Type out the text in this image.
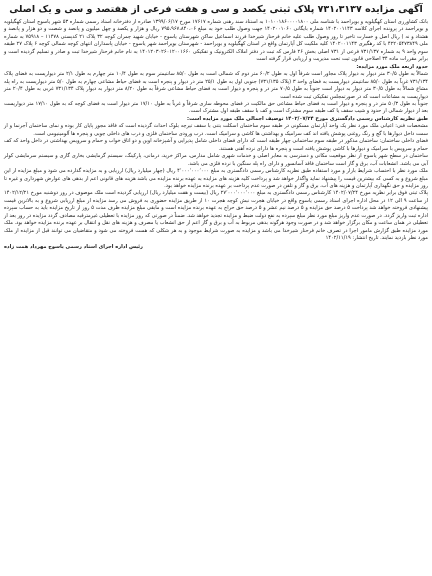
آگهی مزایده ۷۳۱،۳۱۳۷ پلاک ثبتی یکصد و سی و هفت فرعی از هفتصد و سی و یک اصلی

بانک کشاورزی استان کهگیلویه و بویراحمد با شناسه ملی ۱۰۱۰۰۱۸۶۰۰۰۰۱۸۰۰ به استناد سند رهنی شماره ۱۷۶۱۷ مورخ ۱۳۹۹/۰۶/۱۷ صادره از دفترخانه اسناد رسمی شماره ۵۳ شهر یاسوج استان کهگیلویه و بویراحمد در پرونده اجرای کلاسه ۱۴۰۲۰۰۱۱۴۳ شماره بایگانی ۱۴۰۲۰۰۱۰۶۰ جهت وصول طلب خود به مبلغ ۷۹۵،۹۶۷،۸۴۰،۰۶ ریال و هزار و یکصد و چهل میلیون و پانصد و شصت و دو هزار و پانصد و هشتاد و نه ) ریال اصل و خسارت تاخیر تا روز وصول طلب علیه خانم فرحناز شیرخدا فرزند اسماعیل ساکن شهرستان یاسوج - خیابان شهید چمران کوچه ۳۲ پلاک ۲۱ کدپستی ۱۱۴۷۸ – ۷۵۹۱۸ به شماره ملی ۴۲۲۰۵۴۷۳۸۴۹ با کد رهگیری ۱۴۰۲۰۰۱۱۴۳ کلیه ملکیت کل آپارتمان واقع در استان کهگیلویه و بویراحمد - شهرستان بویراحمد شهر یاسوج - خیابان پاسداران انتهای کوچه شمالی کوچه ۶ پلاک ۲۷ طبقه سوم واحد ۹ به شماره ۷۳۱/۱۳۷ فرعی از ۷۳۱ اصلی بخش ۲۶ فارس که ثبت در دفتر املاک الکترونیک و تفکیکی ۱۴۰۱۲۰۳۰۲۶۰۱۲۰۰۱۶۶۰ به نام خانم فرحناز شیرخدا ثبت و صادر و تسلیم گردیده است و برابر مقررات ماده ۳۴ اصلاحی قانون ثبت تحت مدیریت و ارزیابی قرار گرفته است

حدود اربعه ملک مورد مزایده:

شمالاً به طول ۳۰/۵ متر دیوار به دیوار پلاک مجاور است شرقاً اول به طول ۶۰/۲ متر دوم که شمالی است به طول ۸۵/۰ سانتیمتر سوم به طول ۱۰/۴ متر چهارم به طول ۲/۱ متر دیواریست به فضای پلاک ۷۳۱/۱۳۴ غرباً به طول ۸۵/۰ سانتیمتر دیواریست به فضای واحد ۳ (پلاک ۷۳۱/۱۳۵) جنوبی اول به طول ۲۵/۱ متر در دیوار و پنجره است به فضای حیاط مشاعی چهارم به طول ۵/۰ متر دیواریست به راه پله مشاع شمالاً به طول ۳۰/۵ متر دیوار به دیوار است جنوباً به طول ۷۰/۵ متر در و پنجره و دیوار است به فضای حیاط مشاعی شرقاً به طول ۸/۲۰ متر دیوار به دیوار پلاک ۷۳۱/۱۳۴ غربی به طول ۲۰/۴ متر دیواریست به مشاعات است که در صورتمجلس تفکیکی ثبت شده است

جنوباً به طول ۵۰/۳ متر در و پنجره و دیوار است به فضای حیاط مشاعی حق مالکیت در فضای محوطه سازی شرقاً و غرباً به طول ۱۷/۱۰ متر دیوار است به فضای کوچه که به طول ۱۷/۱۰ متر دیواریست بعد از دیوار شمالی از حدود و شیب سقف یا کف طبقه سوم مشترک است و کف با سقف طبقه اول مشترک است.

طبق نظریه کارشناس رسمی دادگستری مورخ ۱۴۰۲/۰۷/۲۴ توصیف اجمالی ملک مورد مزایده است:

مشخصات فنی: اعیانی ملک مورد نظر یک واحد آپارتمان مسکونی در طبقه سوم ساختمان اسکلت بتنی با سقف تیرچه بلوک احداث گردیده است که فاقد مجوز پایان کار بوده و نمای ساختمان آجرنما و از سمت داخل دیوارها با گچ و رنگ روغنی پوشش یافته اند کف سرامیک و بهداشتی ها کاشی و سرامیک است. درب ورودی ساختمان فلزی و درب های داخلی چوبی و پنجره ها آلومینیومی است.

فضای داخلی ساختمان: ساختمان مذکور در طبقه سوم ساختمانی چهار طبقه است که دارای فضای داخلی شامل پذیرایی و آشپزخانه اوپن و دو اتاق خواب و حمام و سرویس بهداشتی در داخل واحد که کف حمام و سرویس با سرامیک و دیوارها با کاشی پوشش یافته است و پنجره ها دارای نرده آهنی هستند.

ساختمان در سطح شهر یاسوج از نظر موقعیت مکانی و دسترسی به معابر اصلی و خدمات شهری شامل مدارس، مراکز خرید، درمانی، پارکینگ، سیستم گرمایشی بخاری گازی و سیستم سرمایشی کولر آبی می باشد. انشعابات آب، برق و گاز است ساختمان فاقد آسانسور و دارای راه پله سنگین با نرده فلزی می باشد.

ملک مورد نظر با احتساب شرایط بازار و مورد استفاده طبق نظریه کارشناس رسمی دادگستری به مبلغ ۴٬۰۰۰٬۰۰۰٬۰۰۰ ریال (چهار میلیارد ریال) ارزیابی و به مزایده گذارده می شود و مبلغ مزایده از این مبلغ شروع و به کسی که بیشترین قیمت را پیشنهاد نماید واگذار خواهد شد و پرداخت کلیه هزینه های مزایده به عهده برنده مزایده می باشد هزینه های قانونی اعم از بدهی های عوارض شهرداری و غیره تا روز مزایده و حق نگهداری آپارتمان و هزینه های آب، برق و گاز و تلفن در صورت عدم پرداخت بر عهده برنده مزایده خواهد بود.

پلاک ثبتی فوق برابر نظریه مورخ ۱۴۰۲/۰۷/۲۴ کارشناس رسمی دادگستری به مبلغ ۲۷٬۰۰۰٬۰۰۰٬۰۰۰ ریال (بیست و هفت میلیارد ریال) ارزیابی گردیده است ملک موصوف در روز دوشنبه مورخ ۱۴۰۲/۱۲/۲۱ از ساعت ۹ الی ۱۲ در محل اداره اجرای اسناد رسمی یاسوج واقع در خیابان هجرت نبش کوچه هجرت ۱۰ از طریق مزایده حضوری به فروش می رسد مزایده از مبلغ ارزیابی شروع و به بالاترین قیمت پیشنهادی فروخته خواهد شد پرداخت ۵ درصد حق مزایده و ۵ درصد نیم عشر و ۵ درصد حق حراج به عهده برنده مزایده است و مابقی مبلغ مزایده ظرف مدت ۵ روز از تاریخ مزایده باید به حساب سپرده اداره ثبت واریز گردد. در صورت عدم واریز مبلغ مورد نظر مبلغ سپرده به نفع دولت ضبط و مزایده تجدید خواهد شد. ضمناً در صورتی که روز مزایده با تعطیلی غیرمترقبه مصادف گردد مزایده در روز بعد از تعطیلی در همان ساعت و مکان برگزار خواهد شد و در صورت وجود هرگونه بدهی مربوط به آب و برق و گاز اعم از حق انشعاب یا مصرف و هزینه های نقل و انتقال بر عهده برنده مزایده خواهد بود. ملک مورد مزایده طبق گزارش مامور اجرا در تصرف خانم فرحناز شیرخدا می باشد و مزایده به صورت شرایط موجود و به هر شکلی که هست فروخته می شود و متقاضیان می توانند قبل از مزایده از ملک مورد نظر بازدید نمایند. تاریخ انتشار: ۱۴۰۲/۱۱/۱۹

رئیس اداره اجرای اسناد رسمی یاسوج مهرداد همت زاده
